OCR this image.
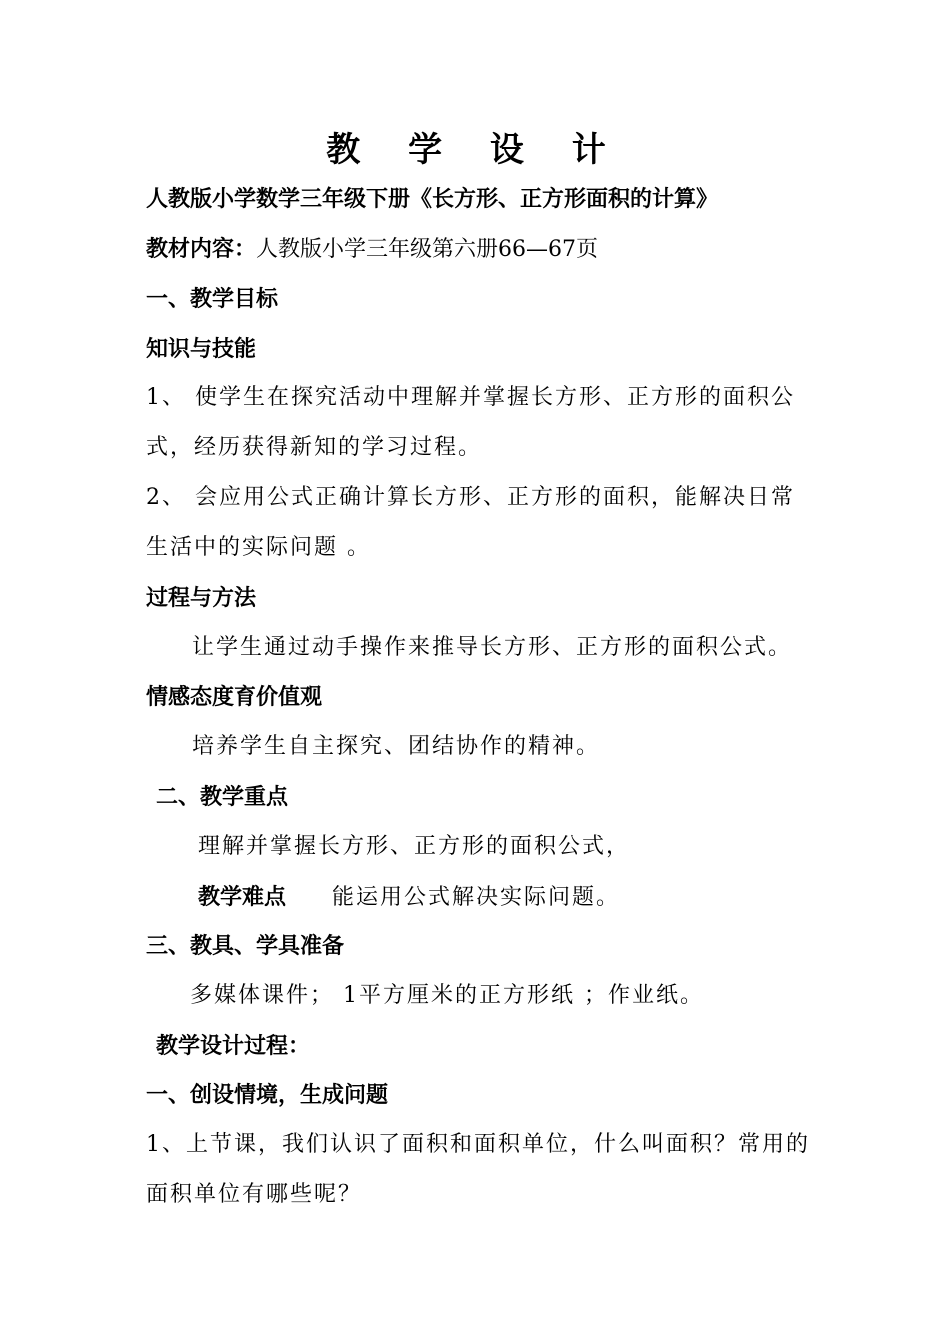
教 学 设 计
人教版小学数学三年级下册《长方形、正方形面积的计算》
教材内容：人教版小学三年级第六册66—67页
一、教学目标
知识与技能
1、 使学生在探究活动中理解并掌握长方形、正方形的面积公
式，经历获得新知的学习过程。
2、 会应用公式正确计算长方形、正方形的面积，能解决日常
生活中的实际问题 。
过程与方法
让学生通过动手操作来推导长方形、正方形的面积公式。
情感态度育价值观
培养学生自主探究、团结协作的精神。
二、教学重点
理解并掌握长方形、正方形的面积公式，
教学难点 能运用公式解决实际问题。
三、教具、学具准备
多媒体课件； 1平方厘米的正方形纸 ；作业纸。
教学设计过程：
一、创设情境，生成问题
1、上节课，我们认识了面积和面积单位，什么叫面积？常用的
面积单位有哪些呢？
